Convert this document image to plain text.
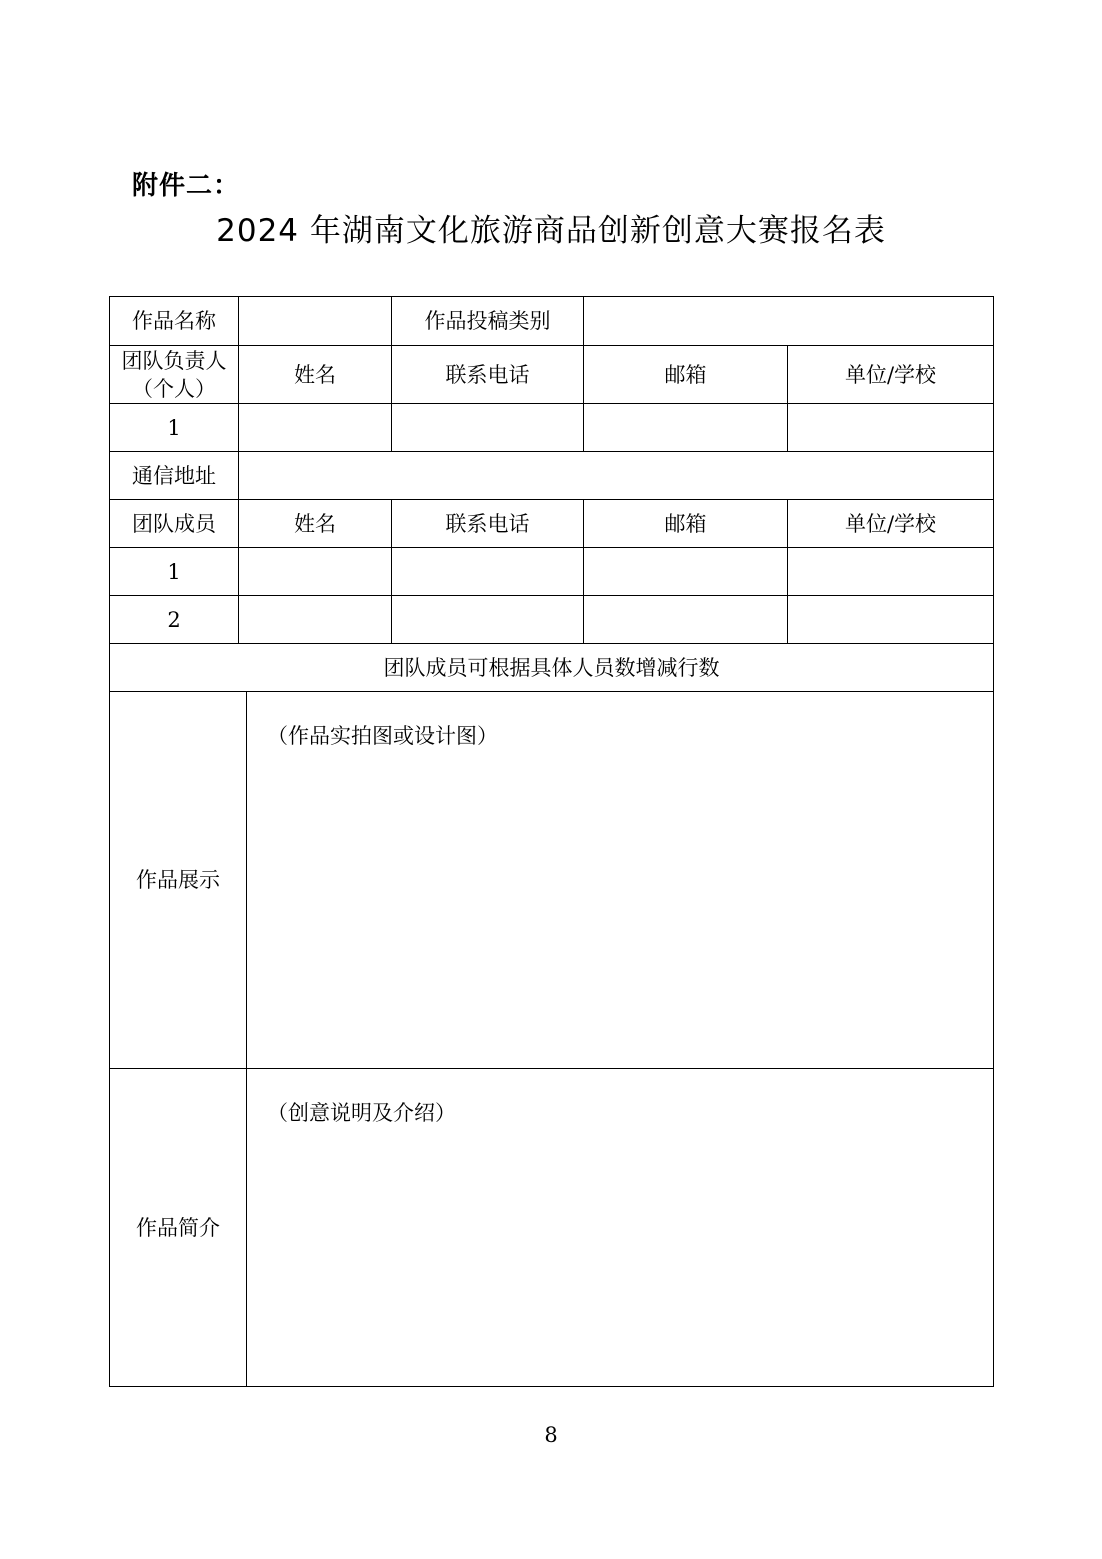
附件二：
2024 年湖南文化旅游商品创新创意大赛报名表
作品名称			作品投稿类别		
团队负责人（个人）	姓名		联系电话	邮箱	单位/学校
1					
通信地址					
团队成员	姓名		联系电话	邮箱	单位/学校
1					
2					
团队成员可根据具体人员数增减行数					
作品展示		（作品实拍图或设计图）			
作品简介		（创意说明及介绍）			
8
